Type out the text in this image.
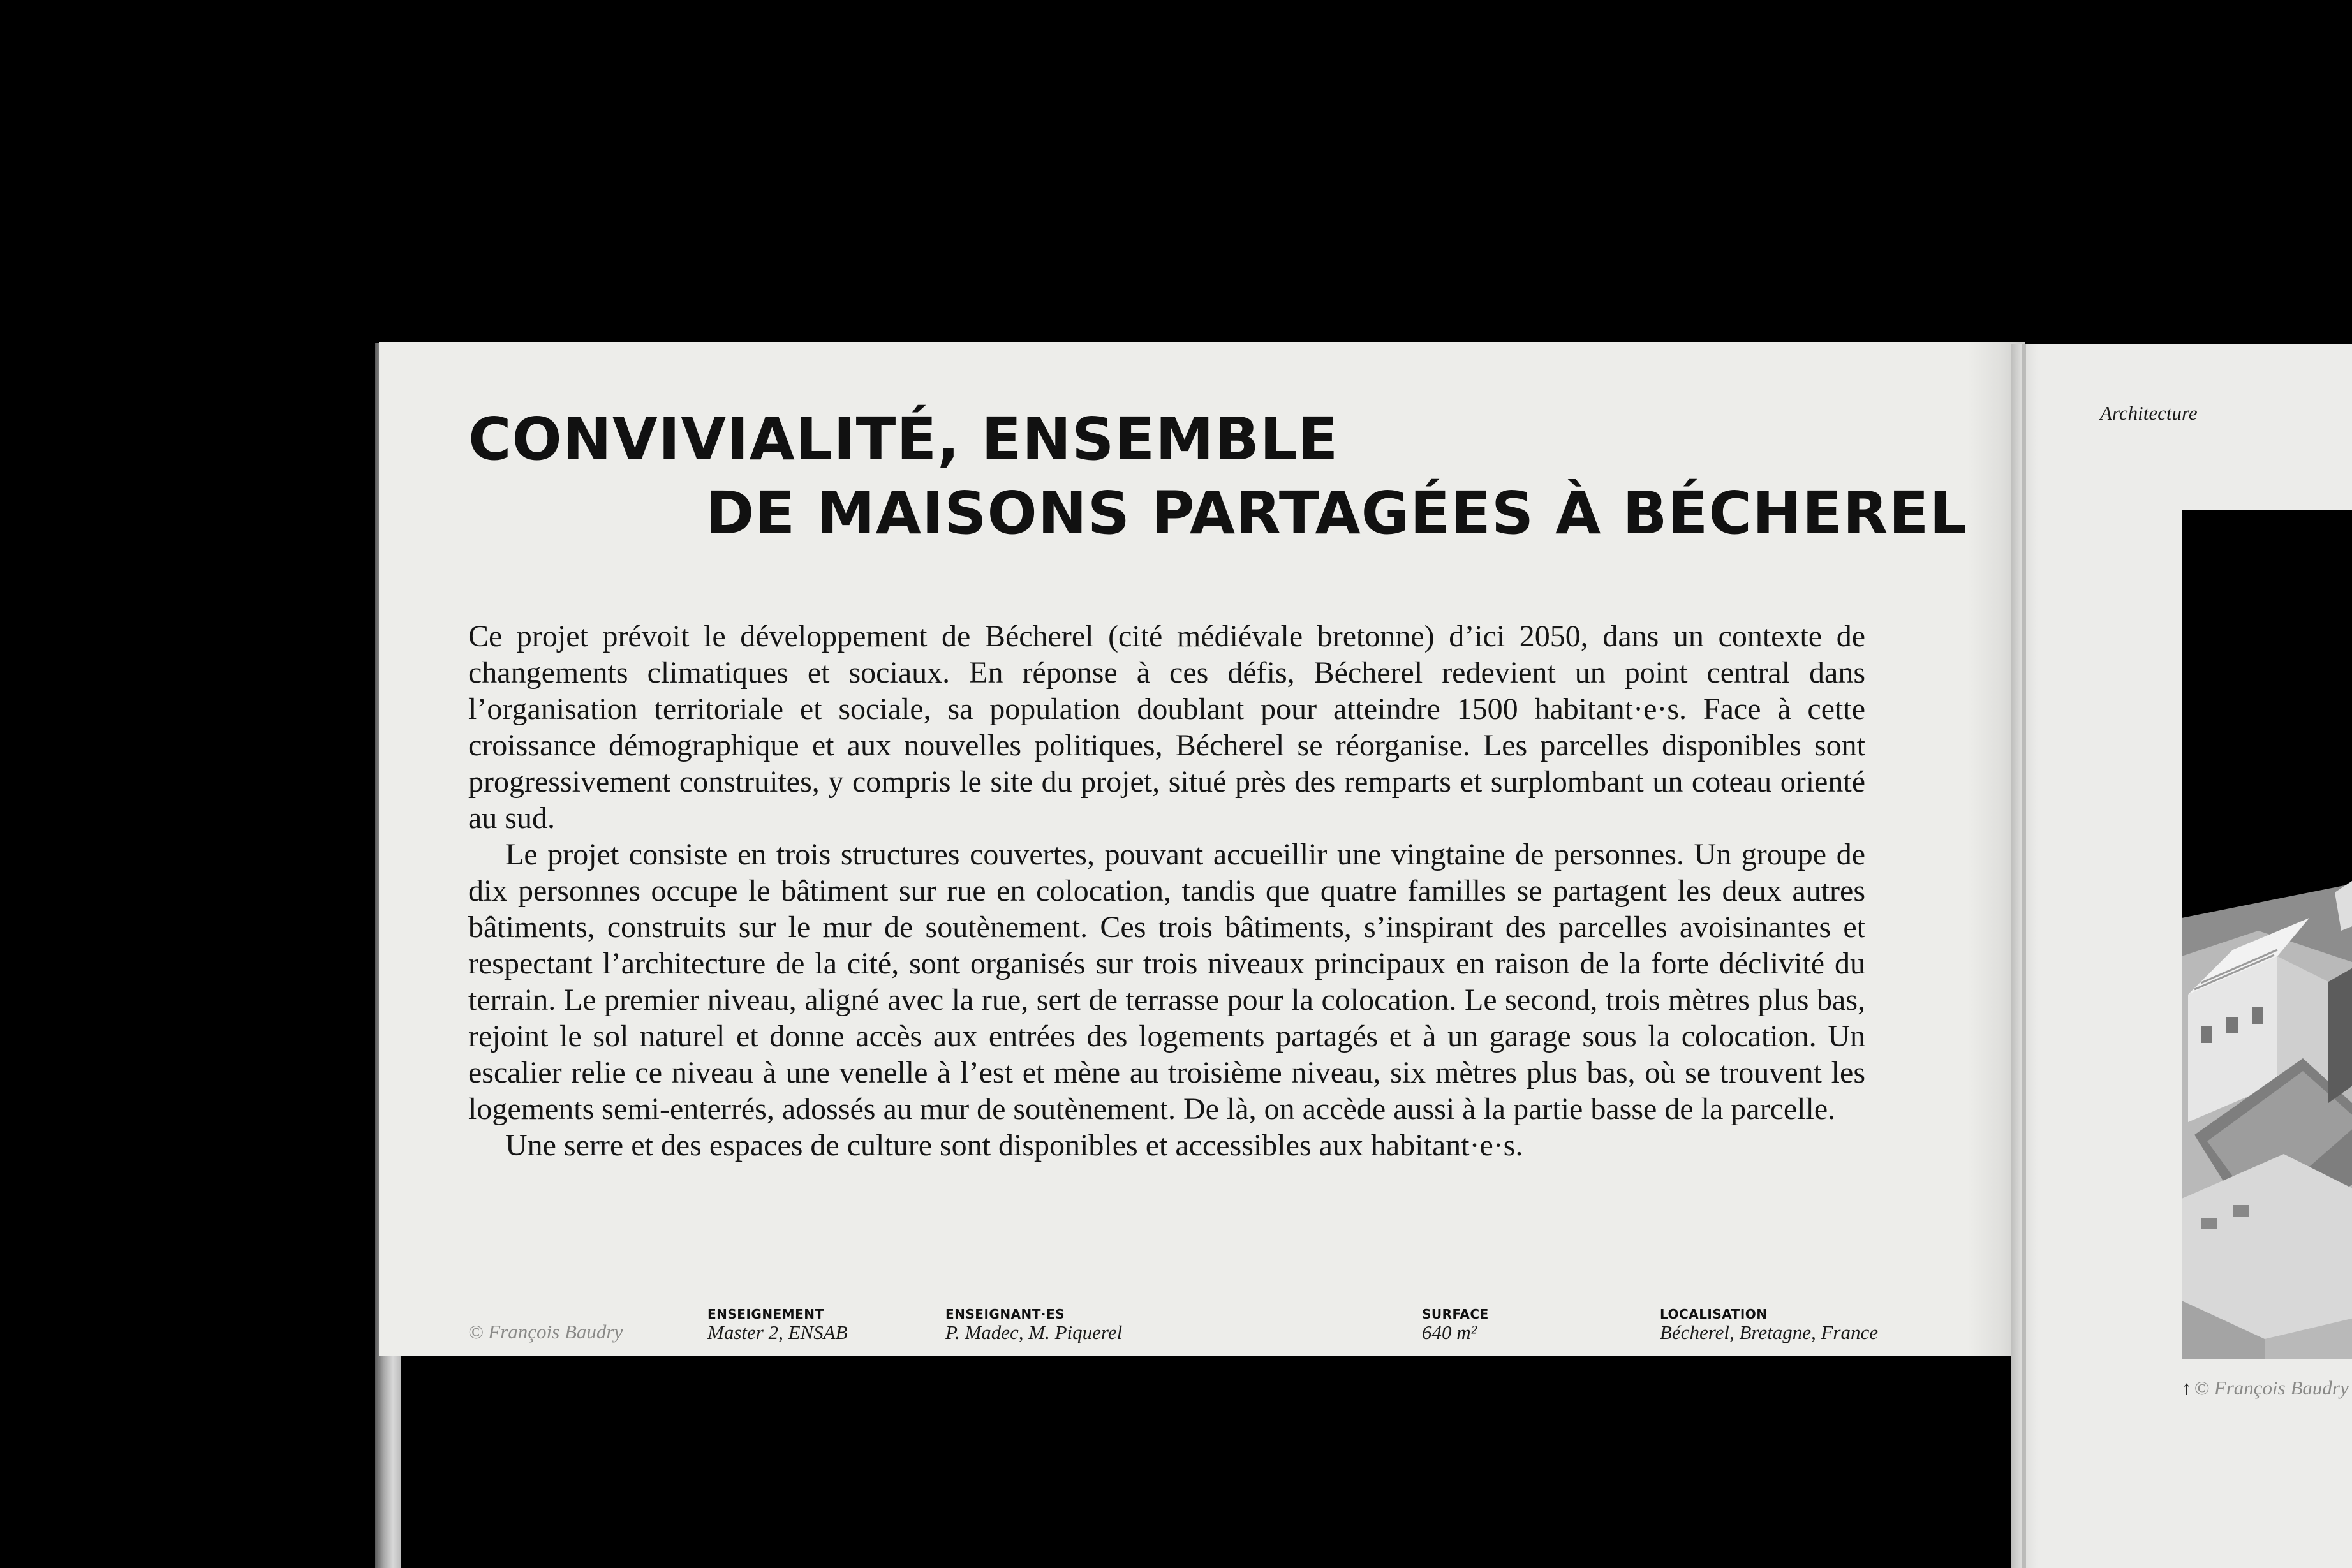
CONVIVIALITÉ, ENSEMBLE
DE MAISONS PARTAGÉES À BÉCHEREL

Ce projet prévoit le développement de Bécherel (cité médiévale bretonne) d’ici 2050, dans un contexte de changements climatiques et sociaux. En réponse à ces défis, Bécherel redevient un point central dans l’organisation territoriale et sociale, sa population doublant pour atteindre 1500 habitant·e·s. Face à cette croissance démographique et aux nouvelles politiques, Bécherel se réorganise. Les parcelles disponibles sont progressivement construites, y compris le site du projet, situé près des remparts et surplombant un coteau orienté au sud.

Le projet consiste en trois structures couvertes, pouvant accueillir une vingtaine de personnes. Un groupe de dix personnes occupe le bâtiment sur rue en colocation, tandis que quatre familles se partagent les deux autres bâtiments, construits sur le mur de soutènement. Ces trois bâtiments, s’inspirant des parcelles avoisinantes et respectant l’architecture de la cité, sont organisés sur trois niveaux principaux en raison de la forte déclivité du terrain. Le premier niveau, aligné avec la rue, sert de terrasse pour la colocation. Le second, trois mètres plus bas, rejoint le sol naturel et donne accès aux entrées des logements partagés et à un garage sous la colocation. Un escalier relie ce niveau à une venelle à l’est et mène au troisième niveau, six mètres plus bas, où se trouvent les logements semi-enterrés, adossés au mur de soutènement. De là, on accède aussi à la partie basse de la parcelle.

Une serre et des espaces de culture sont disponibles et accessibles aux habitant·e·s.

© François Baudry
ENSEIGNEMENT
Master 2, ENSAB
ENSEIGNANT·ES
P. Madec, M. Piquerel
SURFACE
640 m²
LOCALISATION
Bécherel, Bretagne, France
Architecture
↑ © François Baudry
